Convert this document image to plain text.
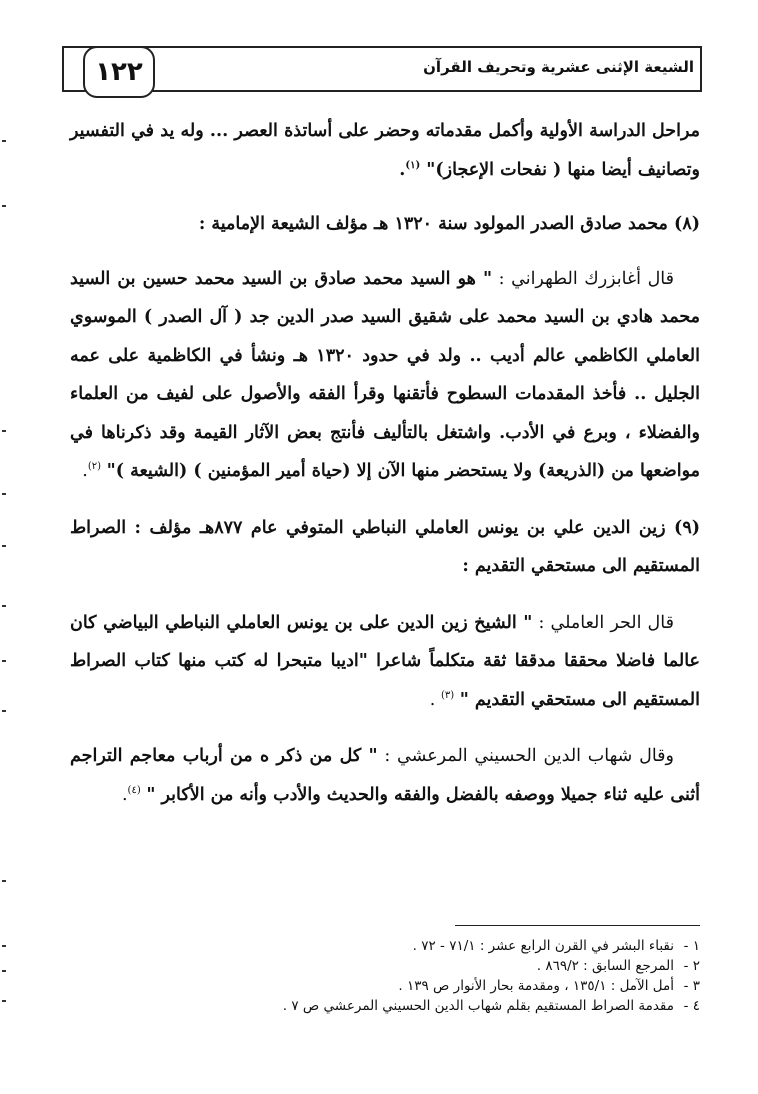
١٢٢	الشيعة الإثنى عشرية وتحريف القرآن

مراحل الدراسة الأولية وأكمل مقدماته وحضر على أساتذة العصر ... وله يد في التفسير وتصانيف أيضا منها ( نفحات الإعجاز)" $^{(١)}$.

(٨) محمد صادق الصدر المولود سنة ١٣٢٠ هـ مؤلف الشيعة الإمامية :

قال أغابزرك الطهراني : " هو السيد محمد صادق بن السيد محمد حسين بن السيد محمد هادي بن السيد محمد على شقيق السيد صدر الدين جد ( آل الصدر ) الموسوي العاملي الكاظمي عالم أديب .. ولد في حدود ١٣٢٠ هـ ونشأ في الكاظمية على عمه الجليل .. فأخذ المقدمات السطوح فأتقنها وقرأ الفقه والأصول على لفيف من العلماء والفضلاء ، وبرع في الأدب. واشتغل بالتأليف فأنتج بعض الآثار القيمة وقد ذكرناها في مواضعها من (الذريعة) ولا يستحضر منها الآن إلا (حياة أمير المؤمنين ) (الشيعة )" $^{(٢)}$.

(٩) زين الدين علي بن يونس العاملي النباطي المتوفي عام ٨٧٧هـ مؤلف : الصراط المستقيم الى مستحقي التقديم :

قال الحر العاملي : " الشيخ زين الدين على بن يونس العاملي النباطي البياضي كان عالما فاضلا محققا مدققا ثقة متكلماً شاعرا "اديبا متبحرا له كتب منها كتاب الصراط المستقيم الى مستحقي التقديم " $^{(٣)}$ .

وقال شهاب الدين الحسيني المرعشي : " كل من ذكر ه من أرباب معاجم التراجم أثنى عليه ثناء جميلا ووصفه بالفضل والفقه والحديث والأدب وأنه من الأكابر " $^{(٤)}$.

١ -
نقباء البشر في القرن الرابع عشر : ٧١/١ - ٧٢ .
٢ -
المرجع السابق : ٨٦٩/٢ .
٣ -
أمل الآمل : ١٣٥/١ ، ومقدمة بحار الأنوار ص ١٣٩ .
٤ -
مقدمة الصراط المستقيم بقلم شهاب الدين الحسيني المرعشي ص ٧ .
